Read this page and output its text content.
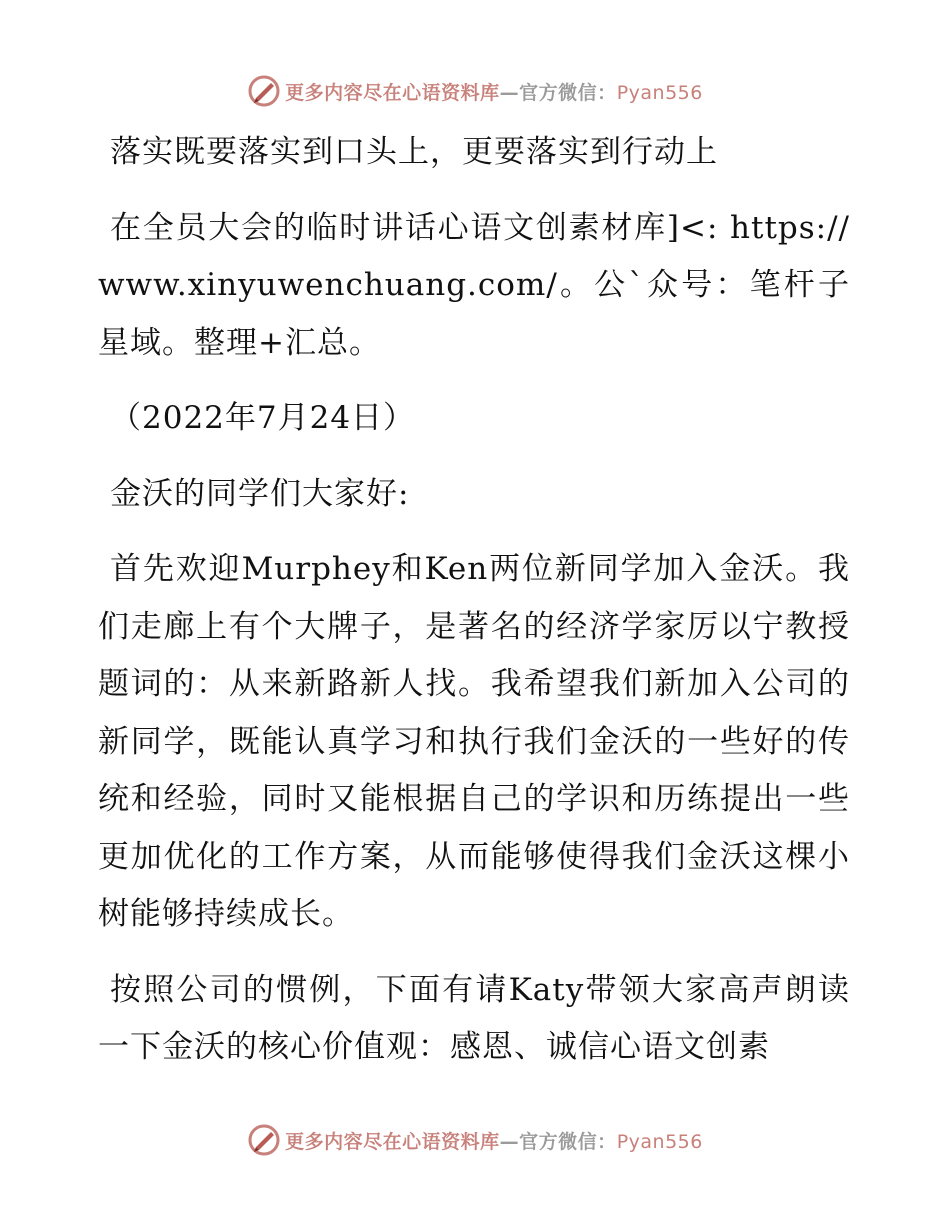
更多内容尽在心语资料库—官方微信：Pyan556

落实既要落实到口头上，更要落实到行动上

在全员大会的临时讲话心语文创素材库]<: https://www.xinyuwenchuang.com/。公`众号：笔杆子星域。整理+汇总。

（2022年7月24日）

金沃的同学们大家好:

首先欢迎Murphey和Ken两位新同学加入金沃。我们走廊上有个大牌子，是著名的经济学家厉以宁教授题词的：从来新路新人找。我希望我们新加入公司的新同学，既能认真学习和执行我们金沃的一些好的传统和经验，同时又能根据自己的学识和历练提出一些更加优化的工作方案，从而能够使得我们金沃这棵小树能够持续成长。

按照公司的惯例，下面有请Katy带领大家高声朗读一下金沃的核心价值观：感恩、诚信心语文创素

更多内容尽在心语资料库—官方微信：Pyan556
